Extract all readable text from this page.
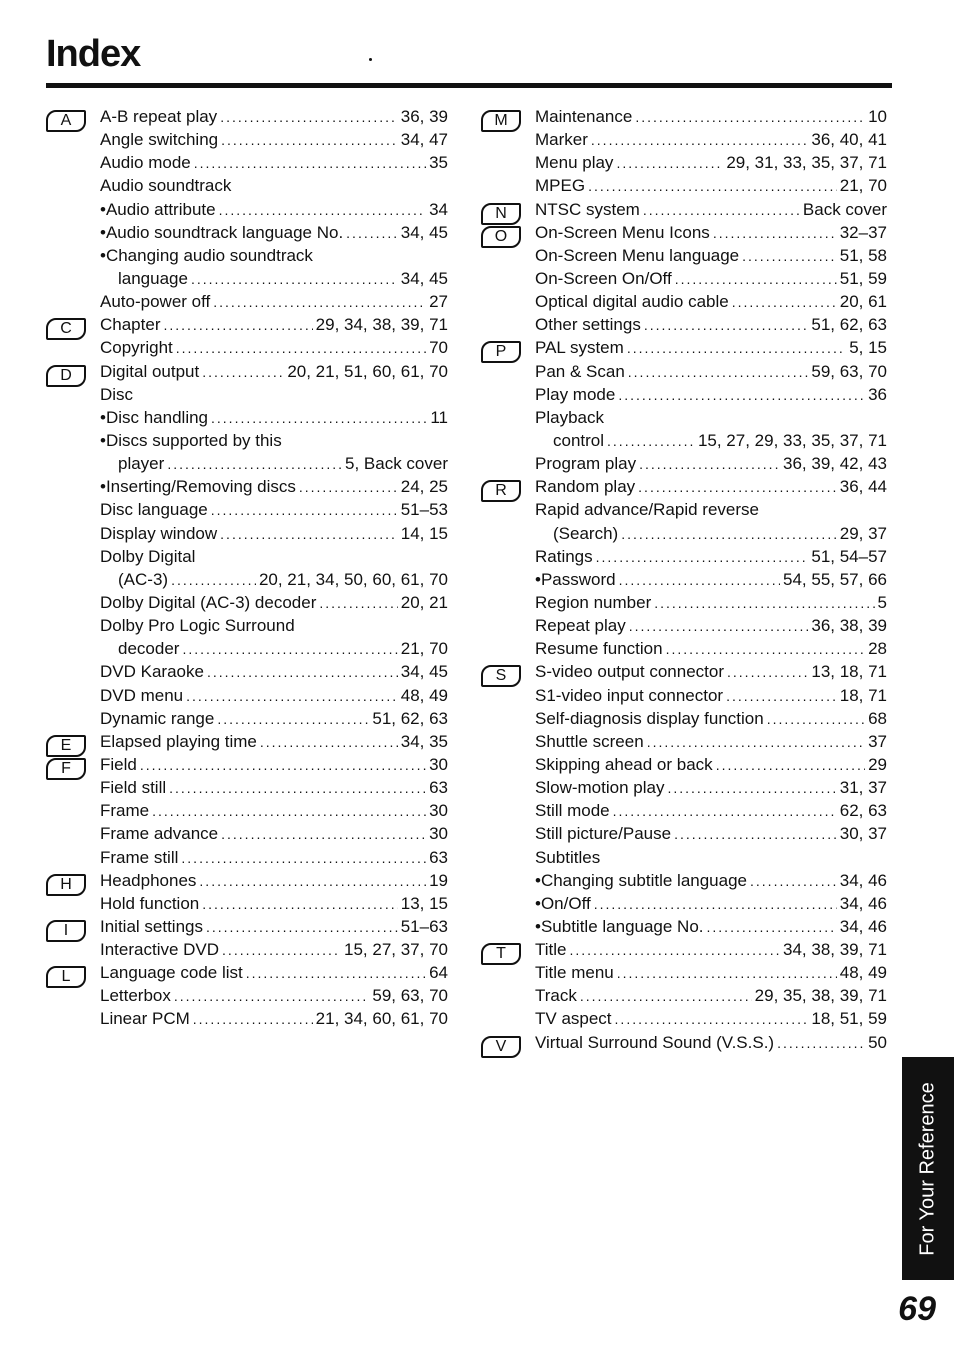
Index
A	A-B repeat play .....	36, 39
Angle switching .....	34, 47
Audio mode .....	35
Audio soundtrack
•Audio attribute .....	34
•Audio soundtrack language No. .....	34, 45
•Changing audio soundtrack
language .....	34, 45
Auto-power off .....	27
C	Chapter .....	29, 34, 38, 39, 71
Copyright .....	70
D	Digital output .....	20, 21, 51, 60, 61, 70
Disc
•Disc handling .....	11
•Discs supported by this
player .....	5, Back cover
•Inserting/Removing discs .....	24, 25
Disc language .....	51–53
Display window .....	14, 15
Dolby Digital
(AC-3) .....	20, 21, 34, 50, 60, 61, 70
Dolby Digital (AC-3) decoder .....	20, 21
Dolby Pro Logic Surround
decoder .....	21, 70
DVD Karaoke .....	34, 45
DVD menu .....	48, 49
Dynamic range .....	51, 62, 63
E	Elapsed playing time .....	34, 35
F	Field .....	30
Field still .....	63
Frame .....	30
Frame advance .....	30
Frame still .....	63
H	Headphones .....	19
Hold function .....	13, 15
I	Initial settings .....	51–63
Interactive DVD .....	15, 27, 37, 70
L	Language code list .....	64
Letterbox .....	59, 63, 70
Linear PCM .....	21, 34, 60, 61, 70
M	Maintenance .....	10
Marker .....	36, 40, 41
Menu play .....	29, 31, 33, 35, 37, 71
MPEG .....	21, 70
N	NTSC system .....	Back cover
O	On-Screen Menu Icons .....	32–37
On-Screen Menu language .....	51, 58
On-Screen On/Off .....	51, 59
Optical digital audio cable .....	20, 61
Other settings .....	51, 62, 63
P	PAL system .....	5, 15
Pan & Scan .....	59, 63, 70
Play mode .....	36
Playback
control .....	15, 27, 29, 33, 35, 37, 71
Program play .....	36, 39, 42, 43
R	Random play .....	36, 44
Rapid advance/Rapid reverse
(Search) .....	29, 37
Ratings .....	51, 54–57
•Password .....	54, 55, 57, 66
Region number .....	5
Repeat play .....	36, 38, 39
Resume function .....	28
S	S-video output connector .....	13, 18, 71
S1-video input connector .....	18, 71
Self-diagnosis display function .....	68
Shuttle screen .....	37
Skipping ahead or back .....	29
Slow-motion play .....	31, 37
Still mode .....	62, 63
Still picture/Pause .....	30, 37
Subtitles
•Changing subtitle language .....	34, 46
•On/Off .....	34, 46
•Subtitle language No. .....	34, 46
T	Title .....	34, 38, 39, 71
Title menu .....	48, 49
Track .....	29, 35, 38, 39, 71
TV aspect .....	18, 51, 59
V	Virtual Surround Sound (V.S.S.) .....	50
For Your Reference
69
